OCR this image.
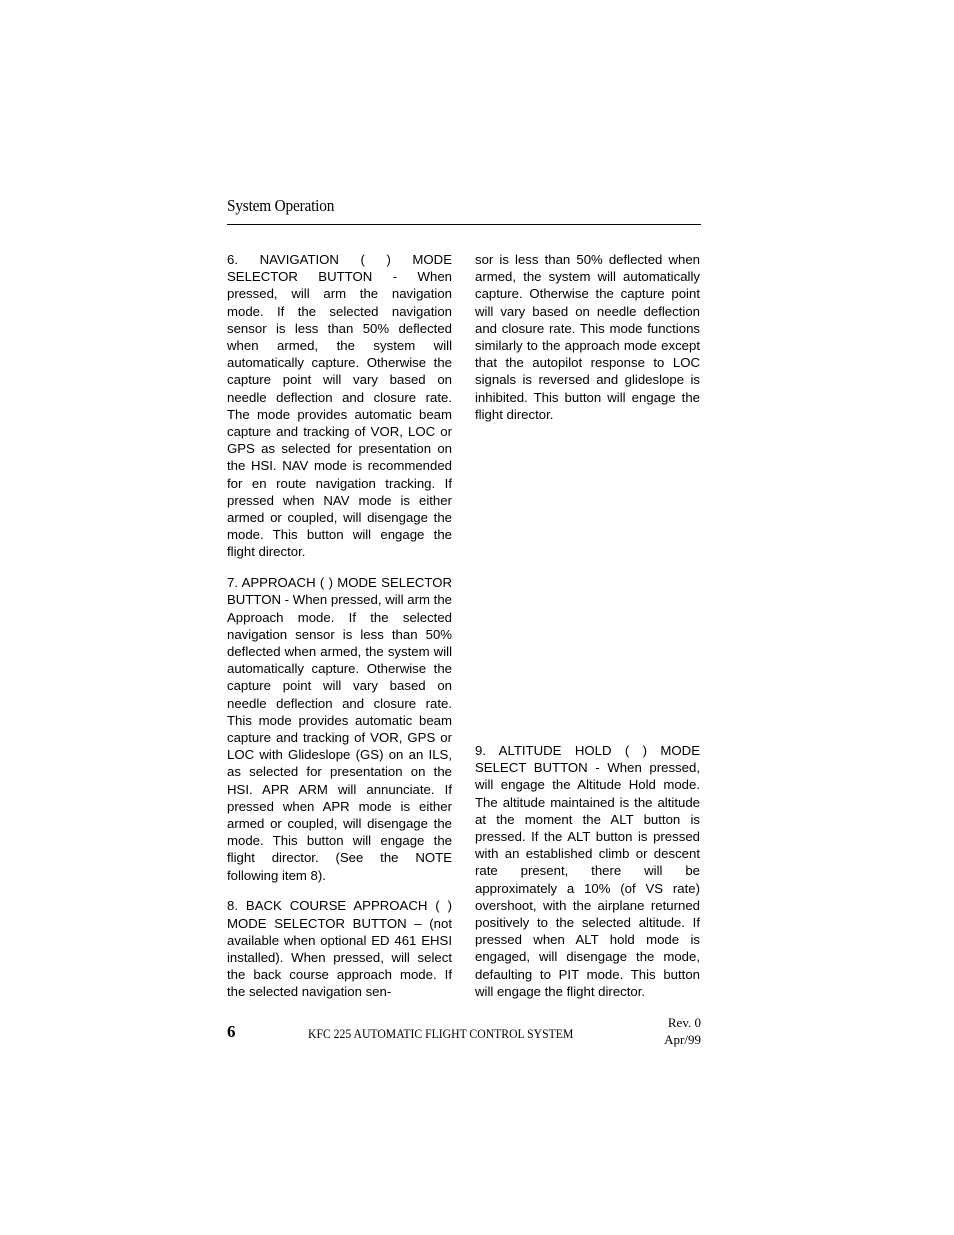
System Operation

6. NAVIGATION ( ) MODE SELECTOR BUTTON - When pressed, will arm the navigation mode. If the selected navigation sensor is less than 50% deflected when armed, the system will automatically capture. Otherwise the capture point will vary based on needle deflection and closure rate. The mode provides automatic beam capture and tracking of VOR, LOC or GPS as selected for presentation on the HSI. NAV mode is recommended for en route navigation tracking. If pressed when NAV mode is either armed or coupled, will disengage the mode. This button will engage the flight director.

7. APPROACH ( ) MODE SELECTOR BUTTON - When pressed, will arm the Approach mode. If the selected navigation sensor is less than 50% deflected when armed, the system will automatically capture. Otherwise the capture point will vary based on needle deflection and closure rate. This mode provides automatic beam capture and tracking of VOR, GPS or LOC with Glideslope (GS) on an ILS, as selected for presentation on the HSI. APR ARM will annunciate. If pressed when APR mode is either armed or coupled, will disengage the mode. This button will engage the flight director. (See the NOTE following item 8).

8. BACK COURSE APPROACH ( ) MODE SELECTOR BUTTON – (not available when optional ED 461 EHSI installed). When pressed, will select the back course approach mode. If the selected navigation sen-

sor is less than 50% deflected when armed, the system will automatically capture. Otherwise the capture point will vary based on needle deflection and closure rate. This mode functions similarly to the approach mode except that the autopilot response to LOC signals is reversed and glideslope is inhibited. This button will engage the flight director.

9. ALTITUDE HOLD ( ) MODE SELECT BUTTON - When pressed, will engage the Altitude Hold mode. The altitude maintained is the altitude at the moment the ALT button is pressed. If the ALT button is pressed with an established climb or descent rate present, there will be approximately a 10% (of VS rate) overshoot, with the airplane returned positively to the selected altitude. If pressed when ALT hold mode is engaged, will disengage the mode, defaulting to PIT mode. This button will engage the flight director.

6	KFC 225 AUTOMATIC FLIGHT CONTROL SYSTEM
Rev. 0
Apr/99
